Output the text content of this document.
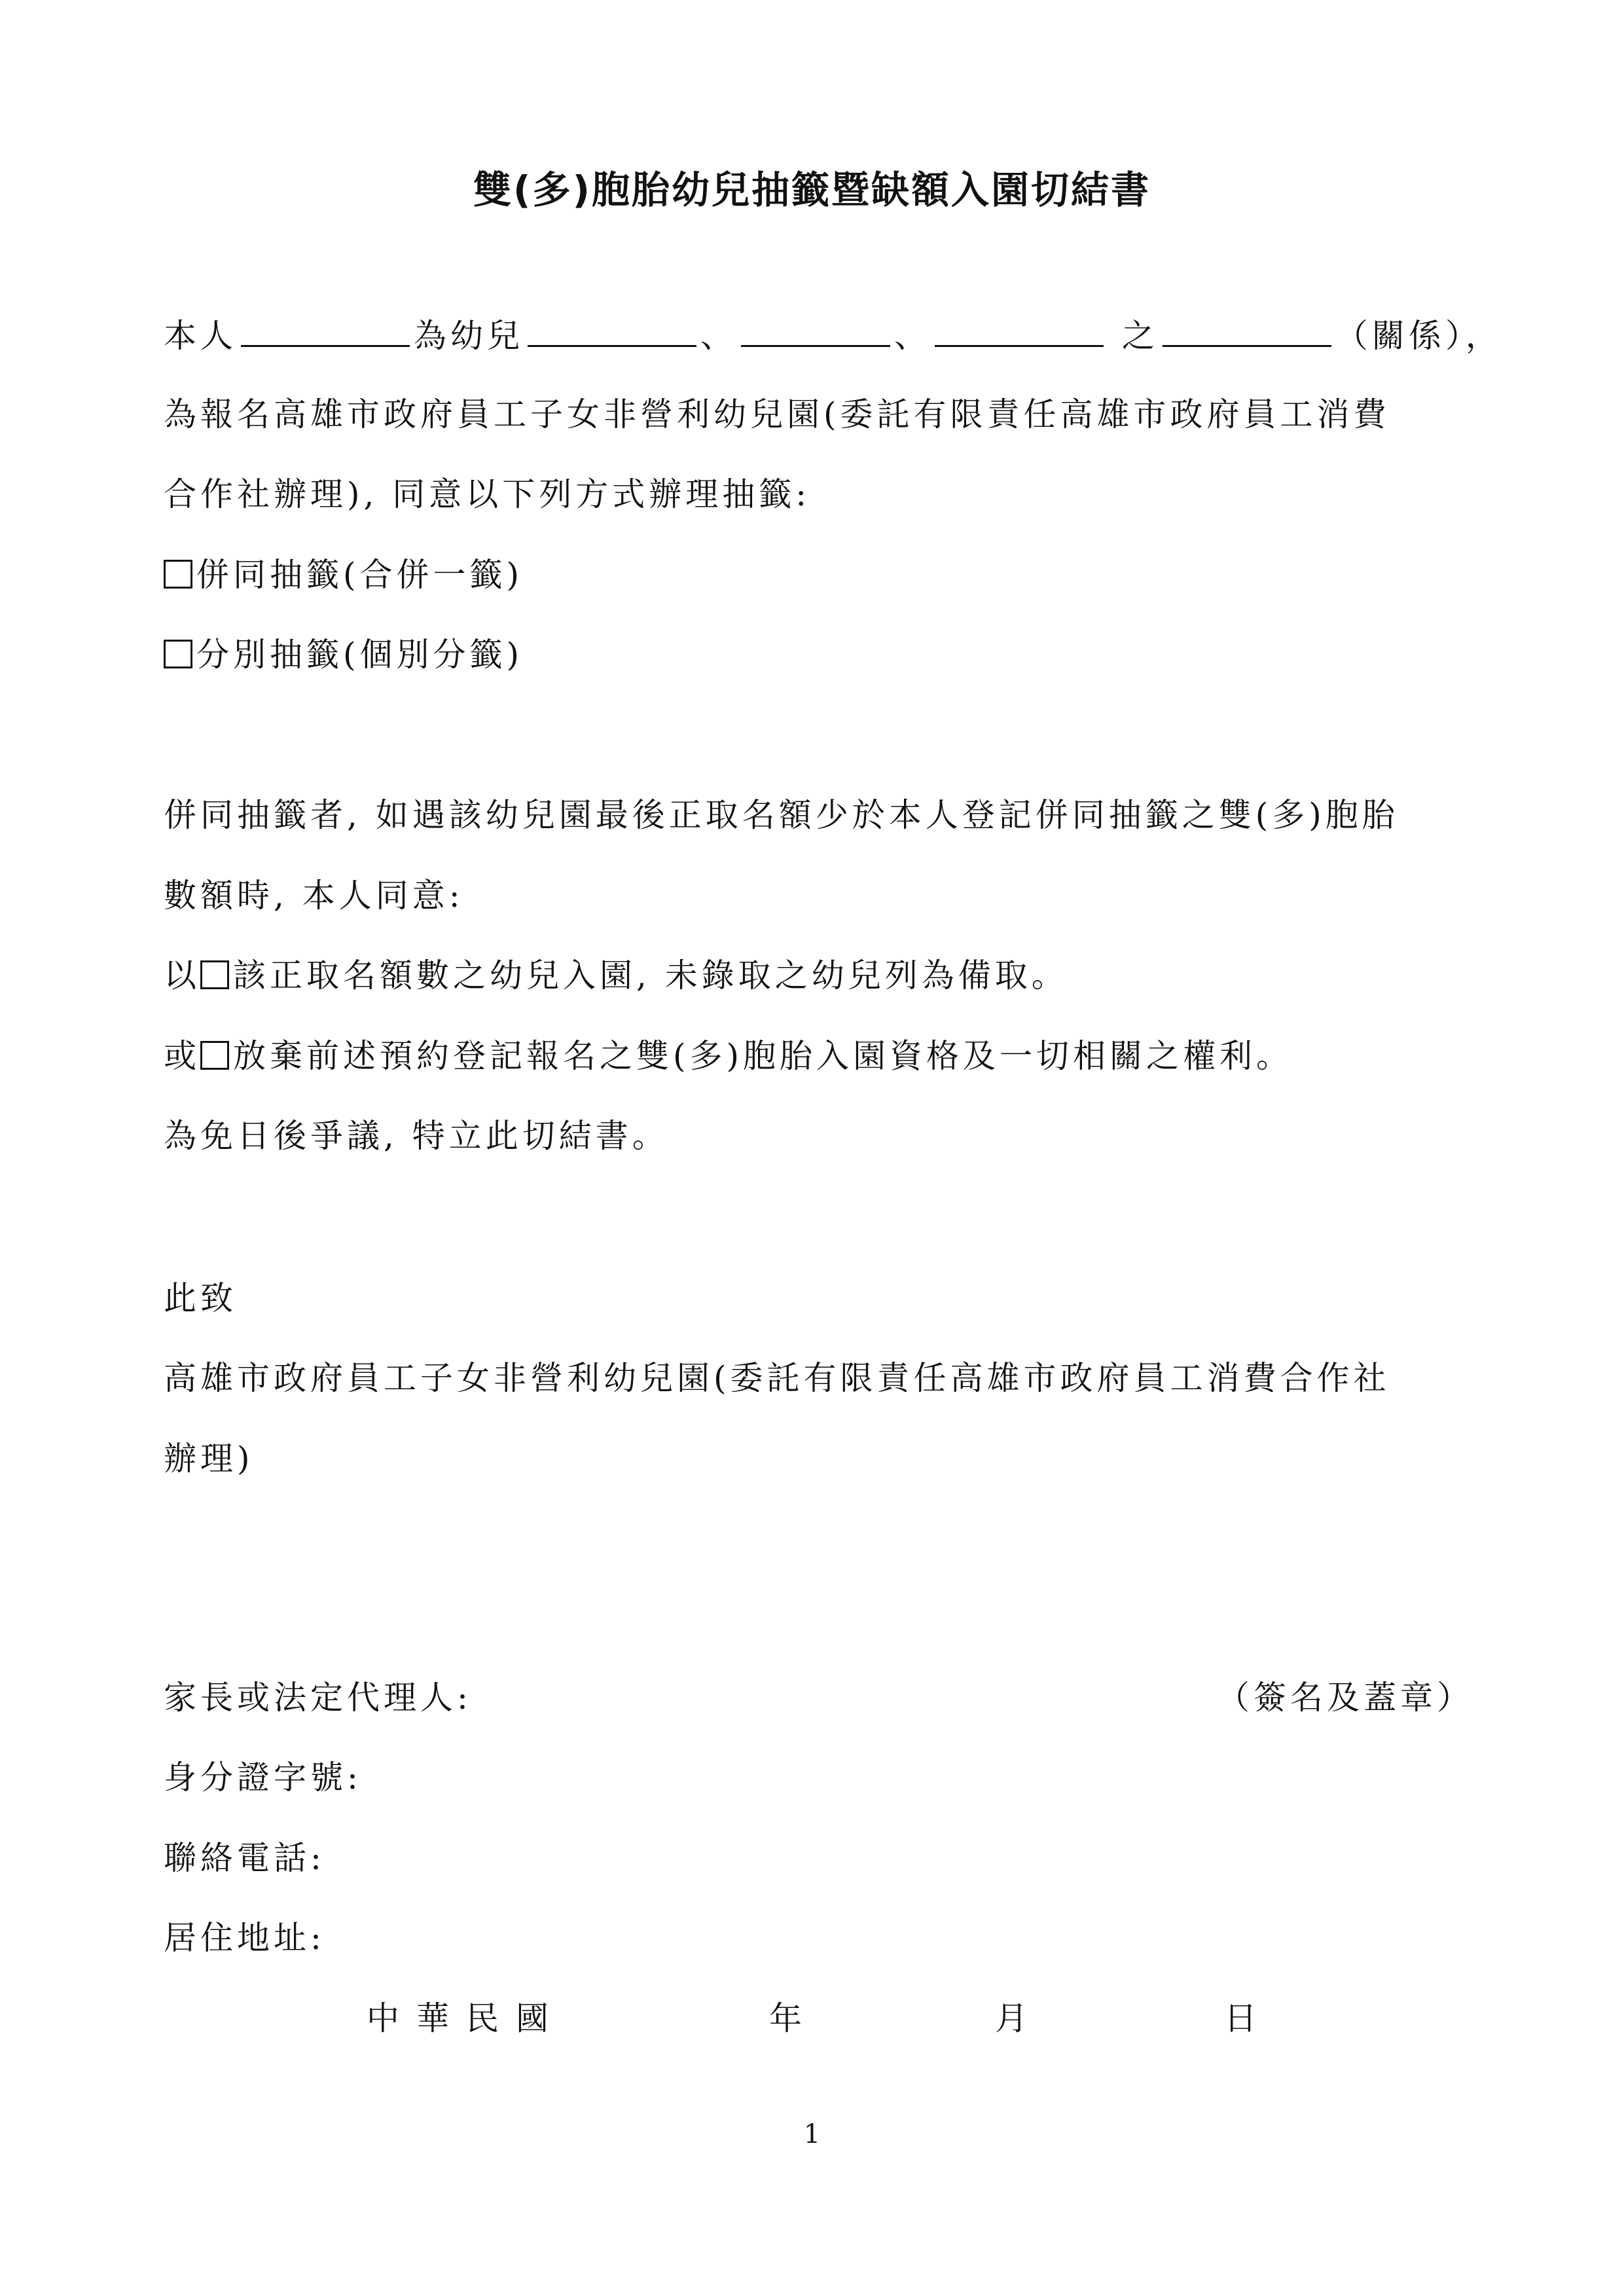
雙(多)胞胎幼兒抽籤暨缺額入園切結書
本人	為幼兒	、	、	之	（關係），
為報名高雄市政府員工子女非營利幼兒園(委託有限責任高雄市政府員工消費
合作社辦理), 同意以下列方式辦理抽籤:
併同抽籤(合併一籤)
分別抽籤(個別分籤)
併同抽籤者, 如遇該幼兒園最後正取名額少於本人登記併同抽籤之雙(多)胞胎
數額時, 本人同意:
以 該正取名額數之幼兒入園, 未錄取之幼兒列為備取。
或 放棄前述預約登記報名之雙(多)胞胎入園資格及一切相關之權利。
為免日後爭議, 特立此切結書。
此致
高雄市政府員工子女非營利幼兒園(委託有限責任高雄市政府員工消費合作社
辦理)
家長或法定代理人:	（簽名及蓋章）
身分證字號:
聯絡電話:
居住地址:
中華民國	年	月	日
1
